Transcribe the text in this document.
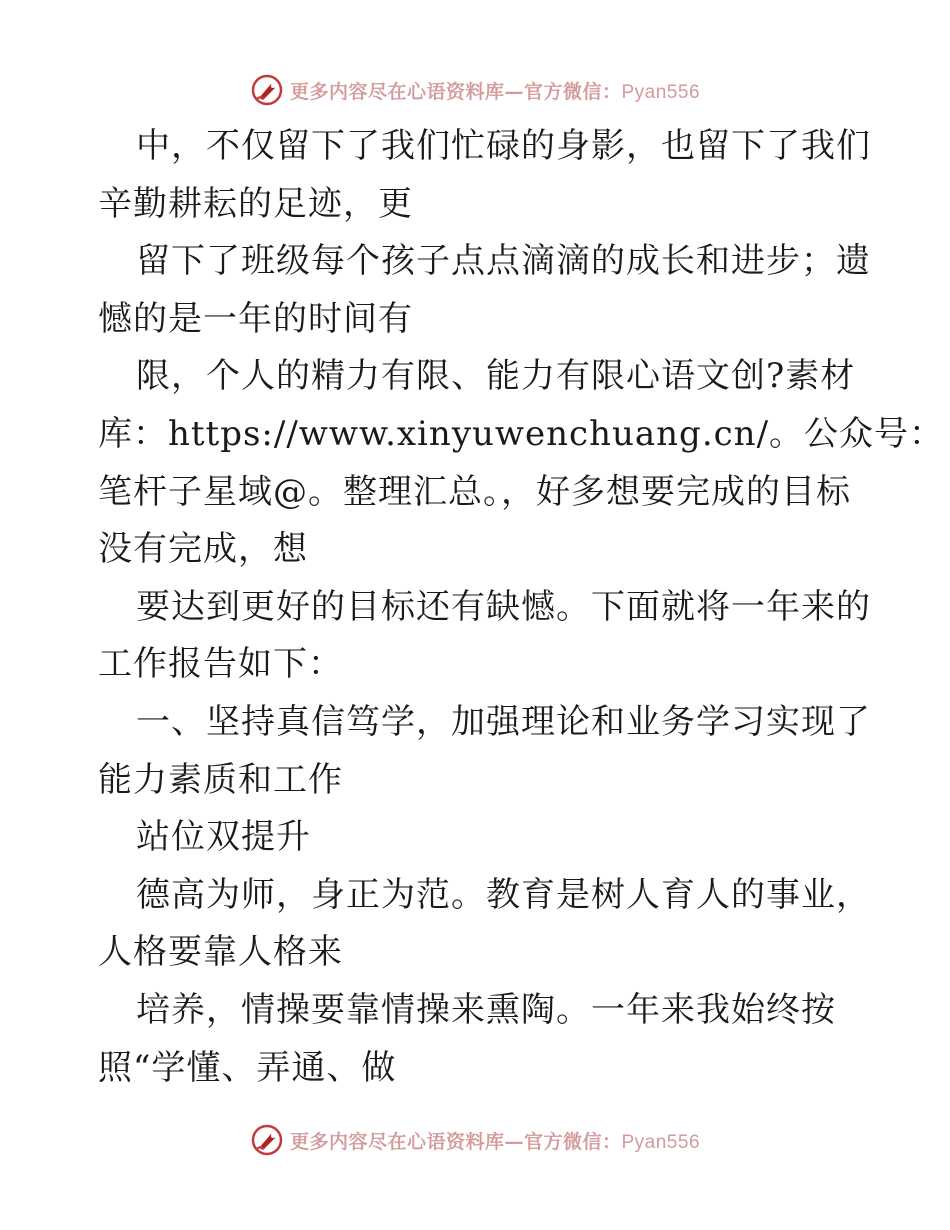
更多内容尽在心语资料库—官方微信：Pyan556
中，不仅留下了我们忙碌的身影，也留下了我们
辛勤耕耘的足迹，更
留下了班级每个孩子点点滴滴的成长和进步；遗
憾的是一年的时间有
限，个人的精力有限、能力有限心语文创?素材
库：https://www.xinyuwenchuang.cn/。公众号：
笔杆子星域@。整理汇总。，好多想要完成的目标
没有完成，想
要达到更好的目标还有缺憾。下面就将一年来的
工作报告如下：
一、坚持真信笃学，加强理论和业务学习实现了
能力素质和工作
站位双提升
德高为师，身正为范。教育是树人育人的事业，
人格要靠人格来
培养，情操要靠情操来熏陶。一年来我始终按
照“学懂、弄通、做
更多内容尽在心语资料库—官方微信：Pyan556
